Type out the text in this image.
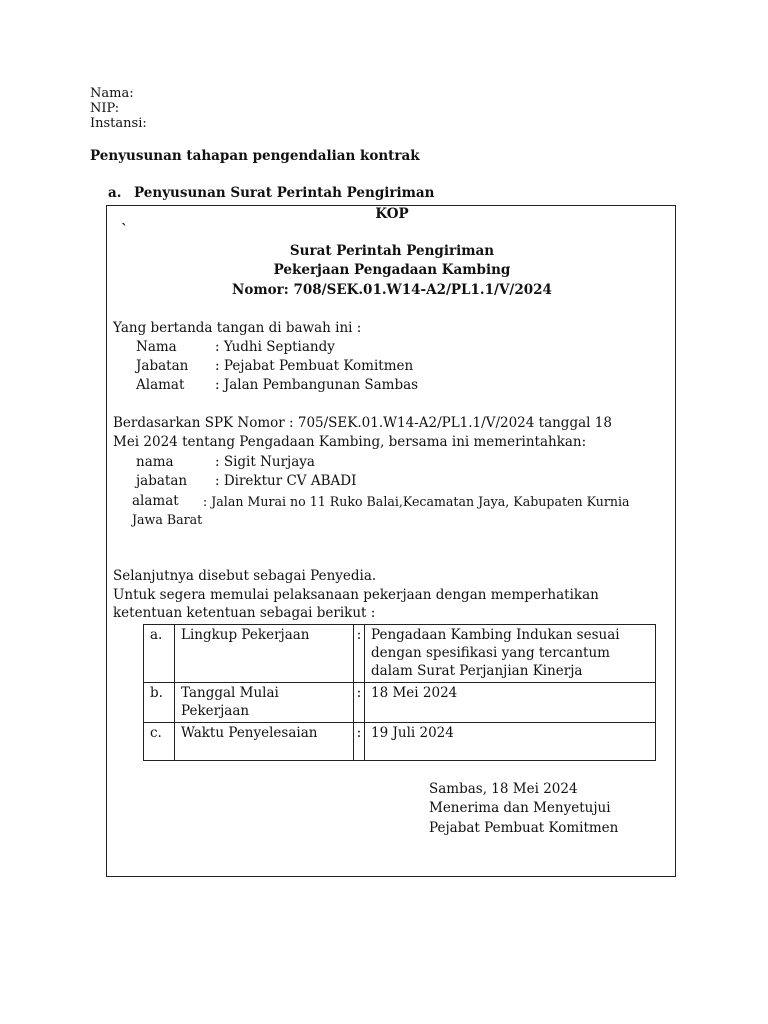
Nama:
NIP:
Instansi:
Penyusunan tahapan pengendalian kontrak
a. Penyusunan Surat Perintah Pengiriman
KOP
`
Surat Perintah Pengiriman
Pekerjaan Pengadaan Kambing
Nomor: 708/SEK.01.W14-A2/PL1.1/V/2024
Yang bertanda tangan di bawah ini :
Nama	: Yudhi Septiandy
Jabatan : Pejabat Pembuat Komitmen
Alamat : Jalan Pembangunan Sambas
Berdasarkan SPK Nomor : 705/SEK.01.W14-A2/PL1.1/V/2024 tanggal 18
Mei 2024 tentang Pengadaan Kambing, bersama ini memerintahkan:
nama	: Sigit Nurjaya
jabatan : Direktur CV ABADI
alamat : Jalan Murai no 11 Ruko Balai,Kecamatan Jaya, Kabupaten Kurnia
Jawa Barat
Selanjutnya disebut sebagai Penyedia.
Untuk segera memulai pelaksanaan pekerjaan dengan memperhatikan
ketentuan ketentuan sebagai berikut :
a.	Lingkup Pekerjaan	:	Pengadaan Kambing Indukan sesuai dengan spesifikasi yang tercantum dalam Surat Perjanjian Kinerja
b.	Tanggal Mulai Pekerjaan	:	18 Mei 2024
c.	Waktu Penyelesaian	:	19 Juli 2024
Sambas, 18 Mei 2024
Menerima dan Menyetujui
Pejabat Pembuat Komitmen
